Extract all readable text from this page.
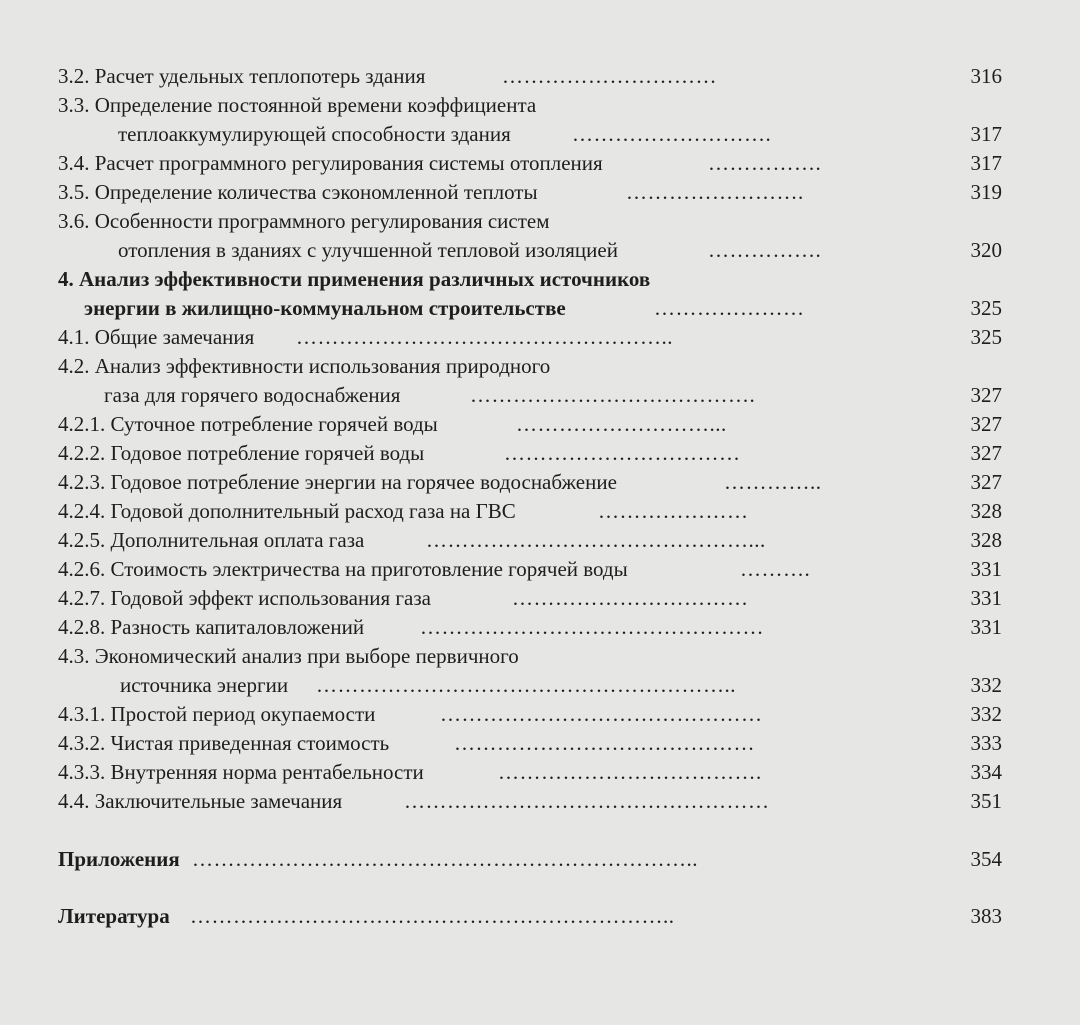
3.2. Расчет удельных теплопотерь здания	…………………………	316
3.3. Определение постоянной времени коэффициента
теплоаккумулирующей способности здания	……………………….	317
3.4. Расчет программного регулирования системы отопления	…………….	317
3.5. Определение количества сэкономленной теплоты	…………………….	319
3.6. Особенности программного регулирования систем
отопления в зданиях с улучшенной тепловой изоляцией	…………….	320
4. Анализ эффективности применения различных источников
энергии в жилищно-коммунальном строительстве	…………………	325
4.1. Общие замечания ……………………………………………..	325
4.2. Анализ эффективности использования природного
газа для горячего водоснабжения	………………………………….	327
4.2.1. Суточное потребление горячей воды	………………………...	327
4.2.2. Годовое потребление горячей воды	……………………………	327
4.2.3. Годовое потребление энергии на горячее водоснабжение	…………..	327
4.2.4. Годовой дополнительный расход газа на ГВС	…………………	328
4.2.5. Дополнительная оплата газа	………………………………………...	328
4.2.6. Стоимость электричества на приготовление горячей воды	……….	331
4.2.7. Годовой эффект использования газа	……………………………	331
4.2.8. Разность капиталовложений	…………………………………………	331
4.3. Экономический анализ при выборе первичного
источника энергии …………………………………………………..	332
4.3.1. Простой период окупаемости	………………………………………	332
4.3.2. Чистая приведенная стоимость	……………………………………	333
4.3.3. Внутренняя норма рентабельности	……………………………….	334
4.4. Заключительные замечания	……………………………………………	351
Приложения ……………………………………………………………..	354
Литература …………………………………………………………..	383
